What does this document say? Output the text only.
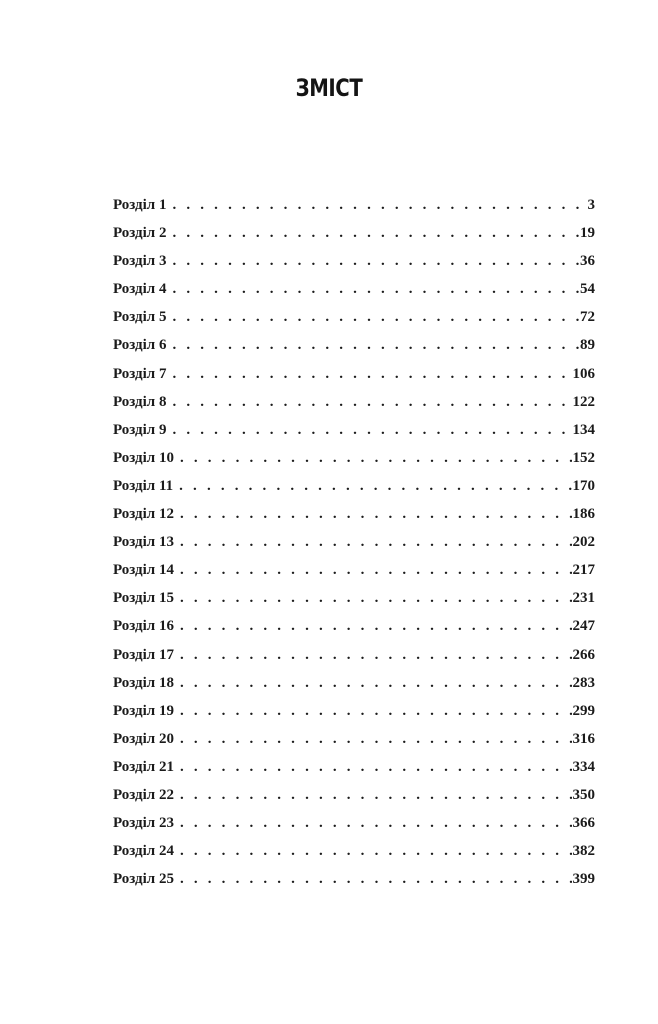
ЗМІСТ
Розділ 1 . . .	3
Розділ 2 . . .	19
Розділ 3 . . .	36
Розділ 4 . . .	54
Розділ 5 . . .	72
Розділ 6 . . .	89
Розділ 7 . . .	106
Розділ 8 . . .	122
Розділ 9 . . .	134
Розділ 10 . . .	152
Розділ 11 . . .	170
Розділ 12 . . .	186
Розділ 13 . . .	202
Розділ 14 . . .	217
Розділ 15 . . .	231
Розділ 16 . . .	247
Розділ 17 . . .	266
Розділ 18 . . .	283
Розділ 19 . . .	299
Розділ 20 . . .	316
Розділ 21 . . .	334
Розділ 22 . . .	350
Розділ 23 . . .	366
Розділ 24 . . .	382
Розділ 25 . . .	399
